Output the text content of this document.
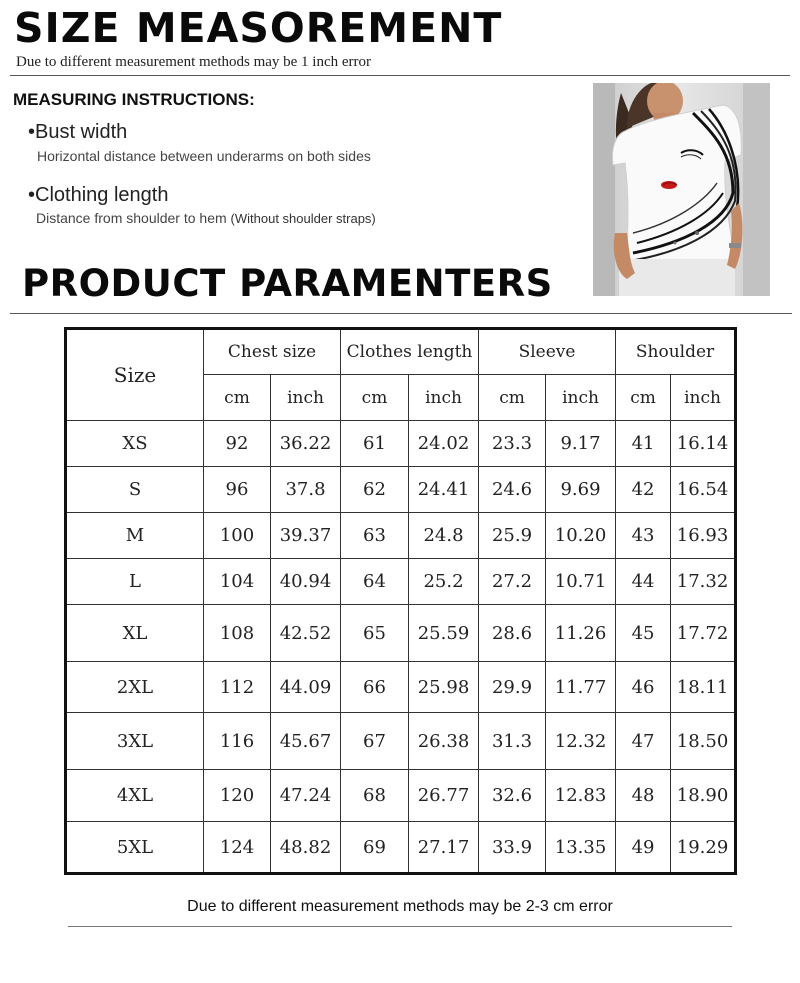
SIZE MEASOREMENT
Due to different measurement methods may be 1 inch error
MEASURING INSTRUCTIONS:
•Bust width
Horizontal distance between underarms on both sides
•Clothing length
Distance from shoulder to hem (Without shoulder straps)
PRODUCT PARAMENTERS
Size	Chest size		Clothes length		Sleeve		Shoulder	
	cm	inch	cm	inch	cm	inch	cm	inch
XS	92	36.22	61	24.02	23.3	9.17	41	16.14
S	96	37.8	62	24.41	24.6	9.69	42	16.54
M	100	39.37	63	24.8	25.9	10.20	43	16.93
L	104	40.94	64	25.2	27.2	10.71	44	17.32
XL	108	42.52	65	25.59	28.6	11.26	45	17.72
2XL	112	44.09	66	25.98	29.9	11.77	46	18.11
3XL	116	45.67	67	26.38	31.3	12.32	47	18.50
4XL	120	47.24	68	26.77	32.6	12.83	48	18.90
5XL	124	48.82	69	27.17	33.9	13.35	49	19.29
Due to different measurement methods may be 2-3 cm error
